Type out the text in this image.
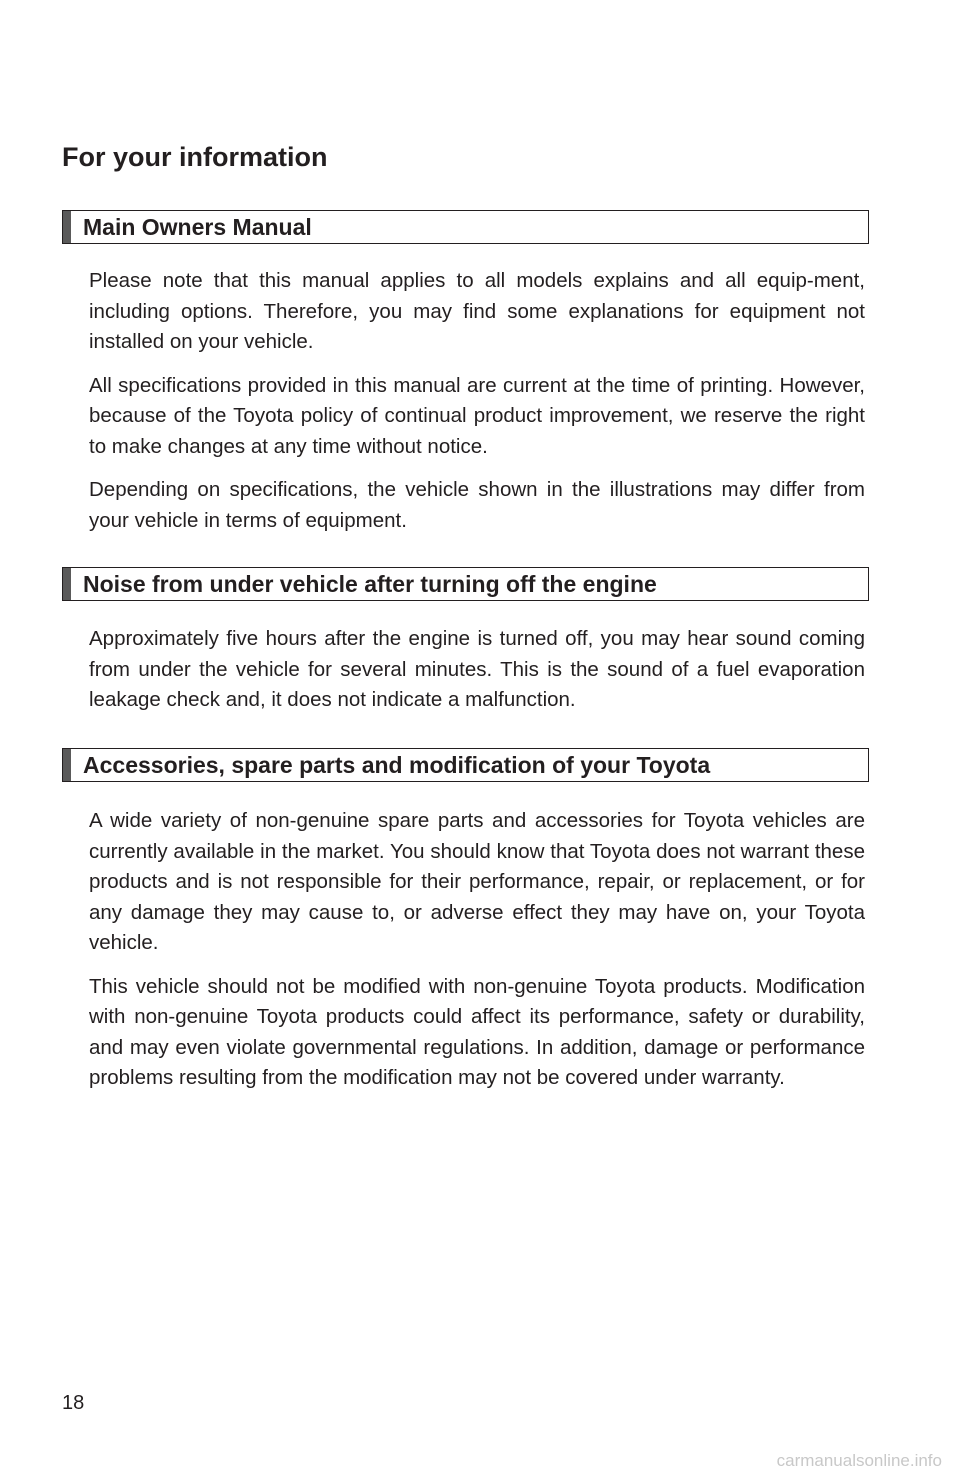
For your information
Main Owners Manual

Please note that this manual applies to all models explains and all equip-ment, including options. Therefore, you may find some explanations for equipment not installed on your vehicle.

All specifications provided in this manual are current at the time of printing. However, because of the Toyota policy of continual product improvement, we reserve the right to make changes at any time without notice.

Depending on specifications, the vehicle shown in the illustrations may differ from your vehicle in terms of equipment.

Noise from under vehicle after turning off the engine

Approximately five hours after the engine is turned off, you may hear sound coming from under the vehicle for several minutes. This is the sound of a fuel evaporation leakage check and, it does not indicate a malfunction.

Accessories, spare parts and modification of your Toyota

A wide variety of non-genuine spare parts and accessories for Toyota vehicles are currently available in the market. You should know that Toyota does not warrant these products and is not responsible for their performance, repair, or replacement, or for any damage they may cause to, or adverse effect they may have on, your Toyota vehicle.

This vehicle should not be modified with non-genuine Toyota products. Modification with non-genuine Toyota products could affect its performance, safety or durability, and may even violate governmental regulations. In addition, damage or performance problems resulting from the modification may not be covered under warranty.

18
carmanualsonline.info
